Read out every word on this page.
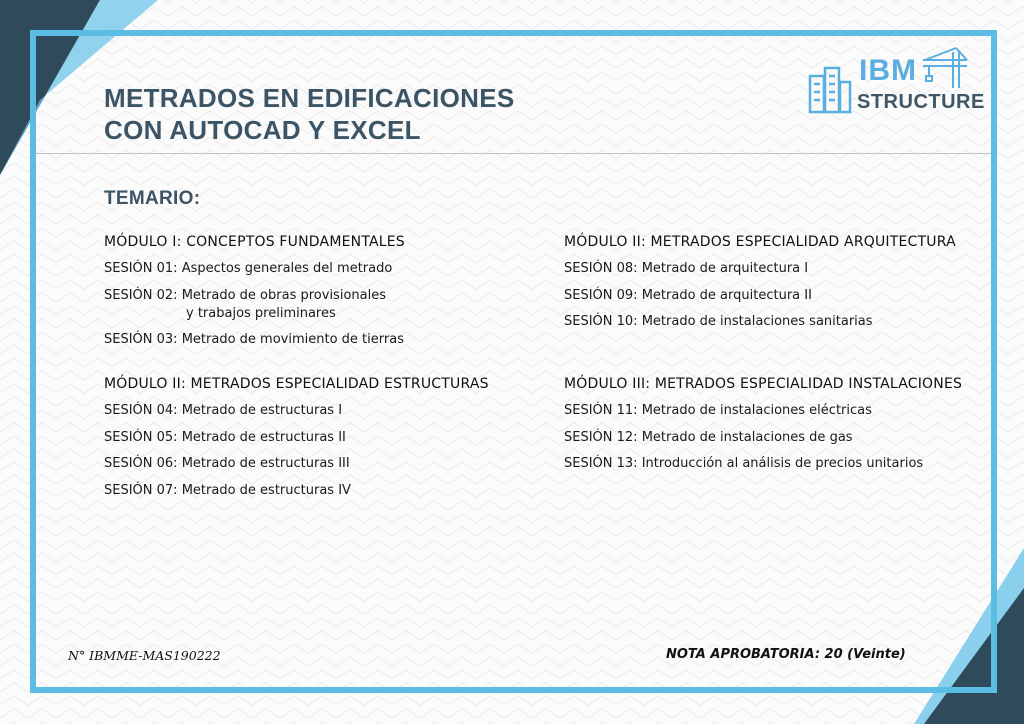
METRADOS EN EDIFICACIONES
CON AUTOCAD Y EXCEL
IBM
STRUCTURE
TEMARIO:
MÓDULO I: CONCEPTOS FUNDAMENTALES
SESIÓN 01: Aspectos generales del metrado
SESIÓN 02: Metrado de obras provisionales
y trabajos preliminares
SESIÓN 03: Metrado de movimiento de tierras
MÓDULO II: METRADOS ESPECIALIDAD ESTRUCTURAS
SESIÓN 04: Metrado de estructuras I
SESIÓN 05: Metrado de estructuras II
SESIÓN 06: Metrado de estructuras III
SESIÓN 07: Metrado de estructuras IV
MÓDULO II: METRADOS ESPECIALIDAD ARQUITECTURA
SESIÓN 08: Metrado de arquitectura I
SESIÓN 09: Metrado de arquitectura II
SESIÓN 10: Metrado de instalaciones sanitarias
MÓDULO III: METRADOS ESPECIALIDAD INSTALACIONES
SESIÓN 11: Metrado de instalaciones eléctricas
SESIÓN 12: Metrado de instalaciones de gas
SESIÓN 13: Introducción al análisis de precios unitarios
N° IBMME-MAS190222	NOTA APROBATORIA: 20 (Veinte)
